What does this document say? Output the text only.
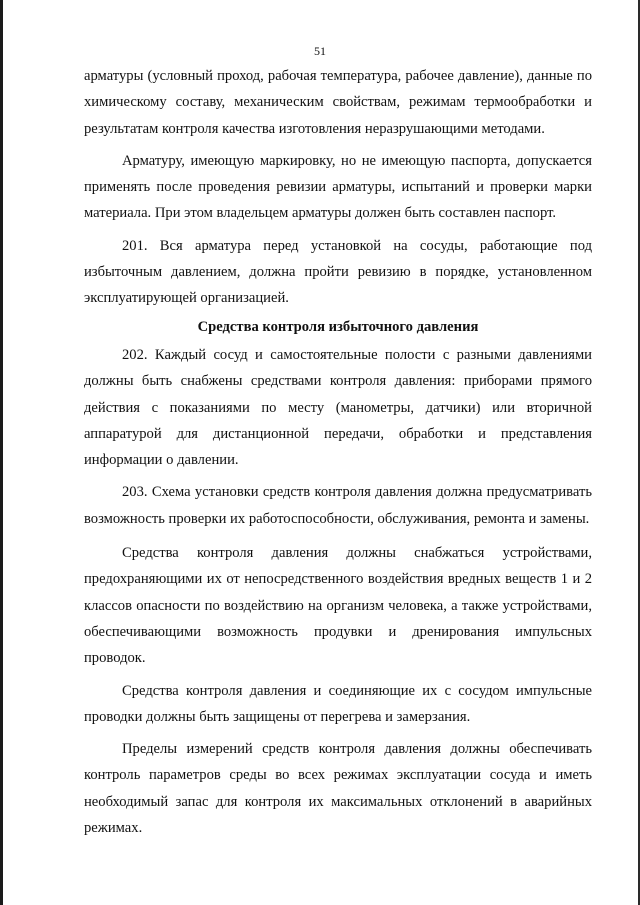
51

арматуры (условный проход, рабочая температура, рабочее давление), данные по химическому составу, механическим свойствам, режимам термообработки и результатам контроля качества изготовления неразрушающими методами.

Арматуру, имеющую маркировку, но не имеющую паспорта, допускается применять после проведения ревизии арматуры, испытаний и проверки марки материала. При этом владельцем арматуры должен быть составлен паспорт.

201. Вся арматура перед установкой на сосуды, работающие под избыточным давлением, должна пройти ревизию в порядке, установленном эксплуатирующей организацией.

Средства контроля избыточного давления

202. Каждый сосуд и самостоятельные полости с разными давлениями должны быть снабжены средствами контроля давления: приборами прямого действия с показаниями по месту (манометры, датчики) или вторичной аппаратурой для дистанционной передачи, обработки и представления информации о давлении.

203. Схема установки средств контроля давления должна предусматривать возможность проверки их работоспособности, обслуживания, ремонта и замены.

Средства контроля давления должны снабжаться устройствами, предохраняющими их от непосредственного воздействия вредных веществ 1 и 2 классов опасности по воздействию на организм человека, а также устройствами, обеспечивающими возможность продувки и дренирования импульсных проводок.

Средства контроля давления и соединяющие их с сосудом импульсные проводки должны быть защищены от перегрева и замерзания.

Пределы измерений средств контроля давления должны обеспечивать контроль параметров среды во всех режимах эксплуатации сосуда и иметь необходимый запас для контроля их максимальных отклонений в аварийных режимах.
